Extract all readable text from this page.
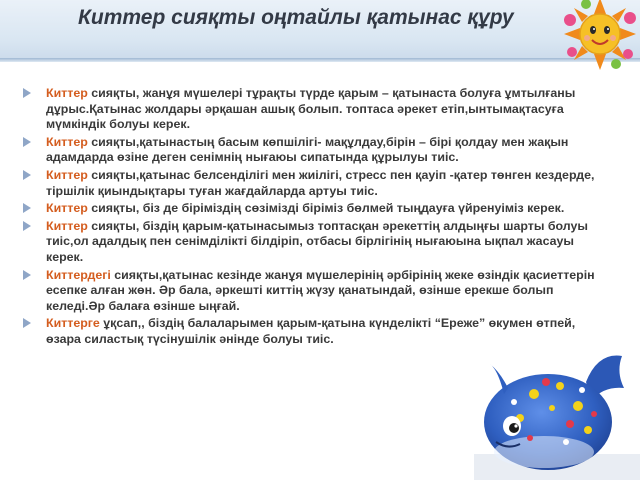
Киттер сияқты оңтайлы қатынас құру
Киттер сияқты, жанұя мүшелері тұрақты түрде қарым – қатынаста болуға ұмтылғаны дұрыс.Қатынас жолдары әрқашан ашық болып. топтаса әрекет етіп,ынтымақтасуға мүмкіндік болуы керек.
Киттер сияқты,қатынастың басым көпшілігі- мақұлдау,бірін – бірі қолдау мен жақын адамдарда өзіне деген сенімнің нығаюы сипатында құрылуы тиіс.
Киттер сияқты,қатынас белсенділігі мен жиілігі, стресс пен қауіп -қатер төнген кездерде, тіршілік қиындықтары туған жағдайларда артуы тиіс.
Киттер сияқты, біз де біріміздің сөзімізді біріміз бөлмей тыңдауға үйренуіміз керек.
Киттер сияқты, біздің қарым-қатынасымыз топтасқан әрекеттің алдыңғы шарты болуы тиіс,ол адалдық пен сенімділікті білдіріп, отбасы бірлігінің нығаюына ықпал жасауы керек.
Киттердегі сияқты,қатынас кезінде жанұя мүшелерінің әрбірінің жеке өзіндік қасиеттерін есепке алған жөн. Әр бала, әркешті киттің жүзу қанатындай, өзінше ерекше болып келеді.Әр балаға өзінше ыңғай.
Киттерге ұқсап,, біздің балаларымен қарым-қатына күнделікті “Ереже” өкумен өтпей, өзара силастық түсінушілік әнінде болуы тиіс.
